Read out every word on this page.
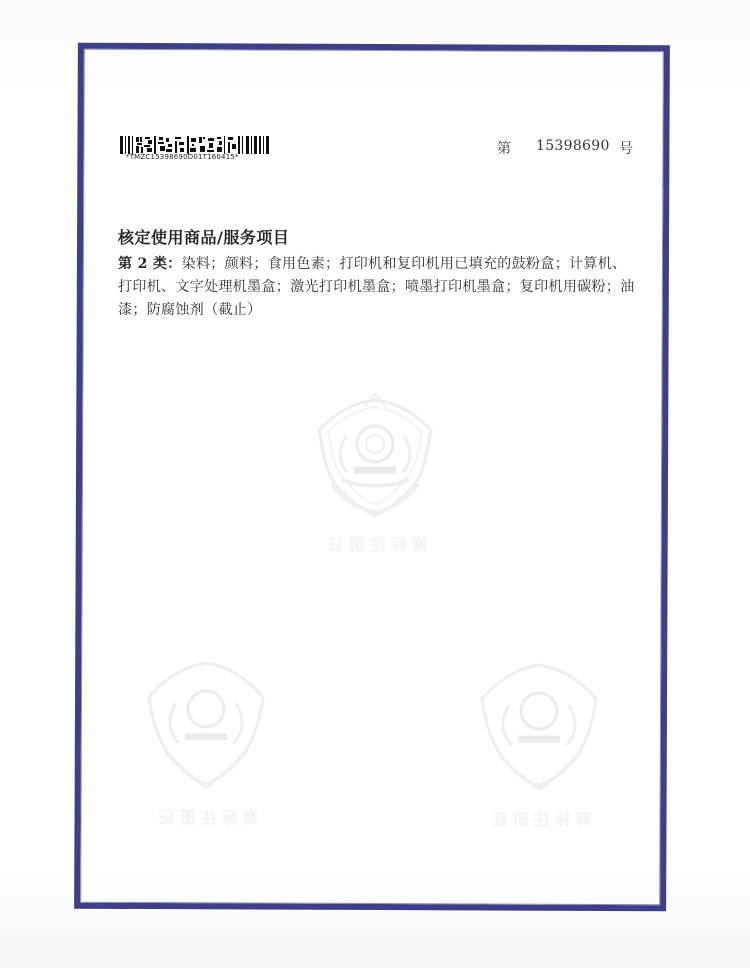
*TMZC15398690D01T160415*	第 15398690 号
核定使用商品/服务项目
第 2 类：染料；颜料；食用色素；打印机和复印机用已填充的鼓粉盒；计算机、打印机、文字处理机墨盒；激光打印机墨盒；喷墨打印机墨盒；复印机用碳粉；油漆；防腐蚀剂（截止）
商标注册证
商标注册证	商标注册证
